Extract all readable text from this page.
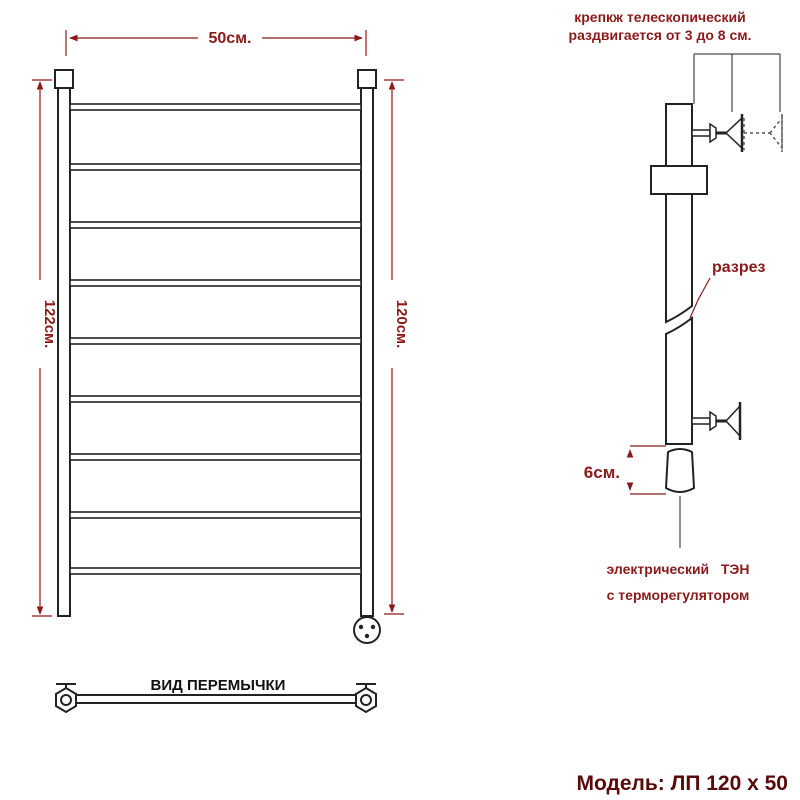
50см.
122см.	120см.
ВИД ПЕРЕМЫЧКИ
крепкж телескопический
раздвигается от 3 до 8 см.
разрез
6см.
электрический   ТЭН
с терморегулятором
Модель: ЛП 120 х 50
